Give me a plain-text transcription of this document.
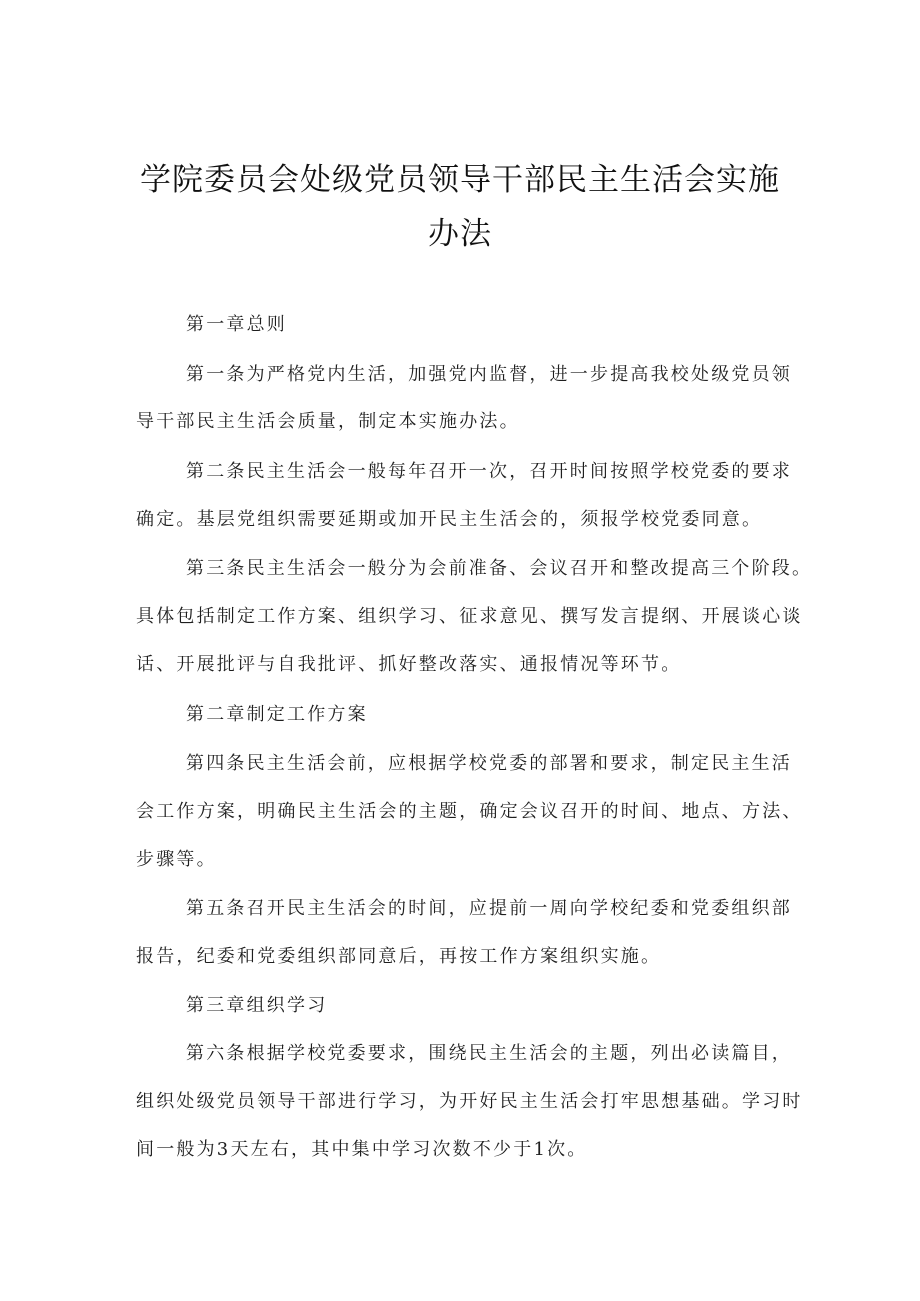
学院委员会处级党员领导干部民主生活会实施
办法
第一章总则
第一条为严格党内生活，加强党内监督，进一步提高我校处级党员领
导干部民主生活会质量，制定本实施办法。
第二条民主生活会一般每年召开一次，召开时间按照学校党委的要求
确定。基层党组织需要延期或加开民主生活会的，须报学校党委同意。
第三条民主生活会一般分为会前准备、会议召开和整改提高三个阶段。
具体包括制定工作方案、组织学习、征求意见、撰写发言提纲、开展谈心谈
话、开展批评与自我批评、抓好整改落实、通报情况等环节。
第二章制定工作方案
第四条民主生活会前，应根据学校党委的部署和要求，制定民主生活
会工作方案，明确民主生活会的主题，确定会议召开的时间、地点、方法、
步骤等。
第五条召开民主生活会的时间，应提前一周向学校纪委和党委组织部
报告，纪委和党委组织部同意后，再按工作方案组织实施。
第三章组织学习
第六条根据学校党委要求，围绕民主生活会的主题，列出必读篇目，
组织处级党员领导干部进行学习，为开好民主生活会打牢思想基础。学习时
间一般为3天左右，其中集中学习次数不少于1次。
